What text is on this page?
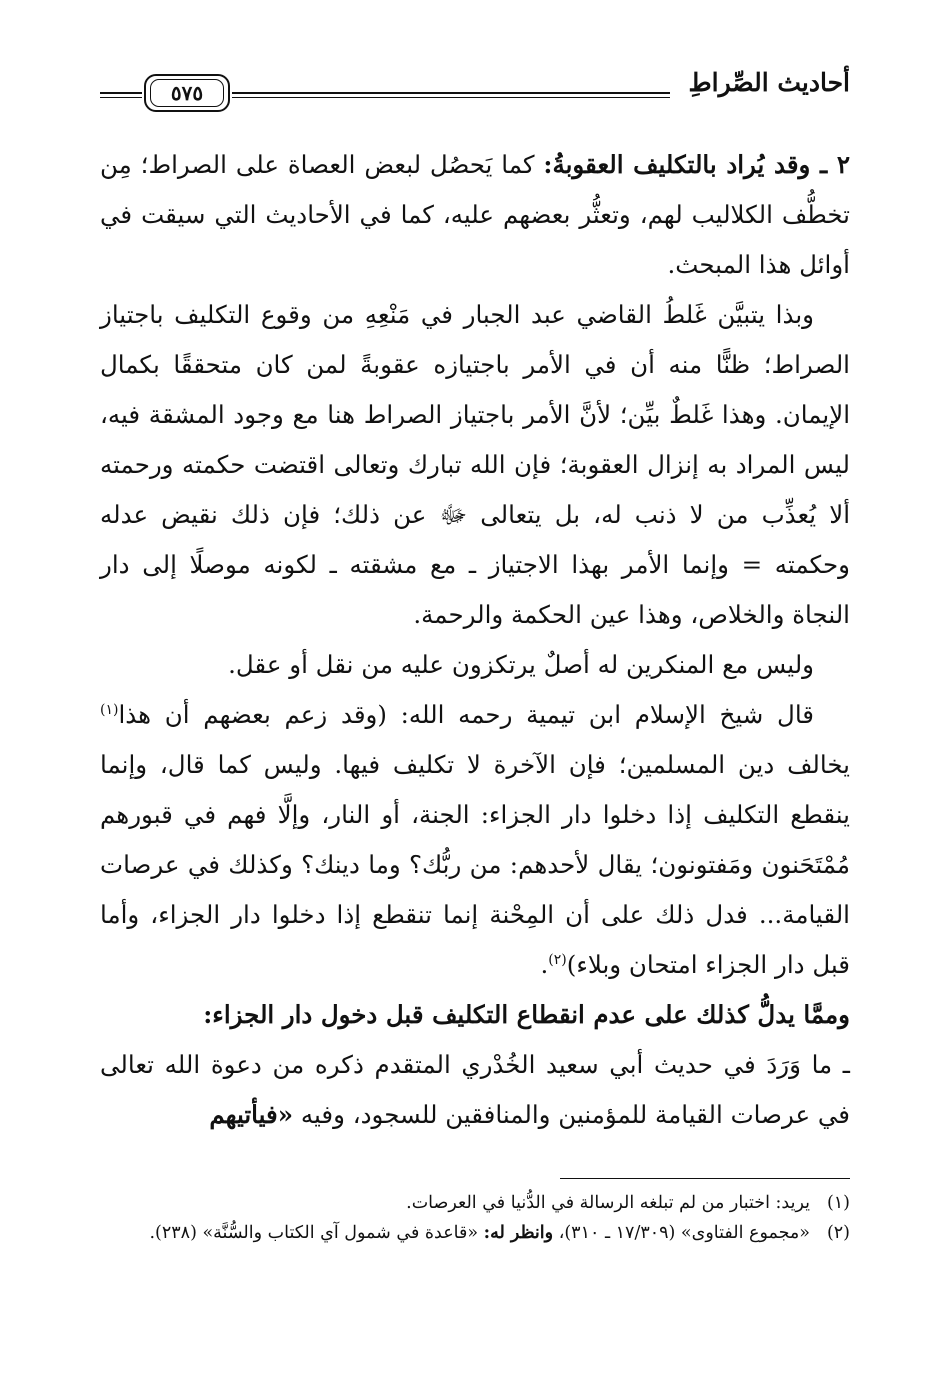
أحاديث الصِّراطِ
٥٧٥

٢ ـ وقد يُراد بالتكليف العقوبةُ: كما يَحصُل لبعض العصاة على الصراط؛ مِن تخطُّف الكلاليب لهم، وتعثُّر بعضهم عليه، كما في الأحاديث التي سيقت في أوائل هذا المبحث.

وبذا يتبيَّن غَلطُ القاضي عبد الجبار في مَنْعِهِ من وقوع التكليف باجتياز الصراط؛ ظنًّا منه أن في الأمر باجتيازه عقوبةً لمن كان متحققًا بكمال الإيمان. وهذا غَلطٌ بيِّن؛ لأنَّ الأمر باجتياز الصراط هنا مع وجود المشقة فيه، ليس المراد به إنزال العقوبة؛ فإن الله تبارك وتعالى اقتضت حكمته ورحمته ألا يُعذِّب من لا ذنب له، بل يتعالى ﷻ عن ذلك؛ فإن ذلك نقيض عدله وحكمته = وإنما الأمر بهذا الاجتياز ـ مع مشقته ـ لكونه موصلًا إلى دار النجاة والخلاص، وهذا عين الحكمة والرحمة.

وليس مع المنكرين له أصلٌ يرتكزون عليه من نقل أو عقل.

قال شيخ الإسلام ابن تيمية رحمه الله: (وقد زعم بعضهم أن هذا$^{(١)}$ يخالف دين المسلمين؛ فإن الآخرة لا تكليف فيها. وليس كما قال، وإنما ينقطع التكليف إذا دخلوا دار الجزاء: الجنة، أو النار، وإلَّا فهم في قبورهم مُمْتَحَنون ومَفتونون؛ يقال لأحدهم: من ربُّك؟ وما دينك؟ وكذلك في عرصات القيامة... فدل ذلك على أن المِحْنة إنما تنقطع إذا دخلوا دار الجزاء، وأما قبل دار الجزاء امتحان وبلاء)$^{(٢)}$.

وممَّا يدلُّ كذلك على عدم انقطاع التكليف قبل دخول دار الجزاء:

ـ ما وَرَدَ في حديث أبي سعيد الخُدْري المتقدم ذكره من دعوة الله تعالى في عرصات القيامة للمؤمنين والمنافقين للسجود، وفيه «فيأتيهم

(١)
يريد: اختبار من لم تبلغه الرسالة في الدُّنيا في العرصات.

(٢)
«مجموع الفتاوى» (١٧/٣٠٩ ـ ٣١٠)، وانظر له: «قاعدة في شمول آي الكتاب والسُّنَّة» (٢٣٨).
